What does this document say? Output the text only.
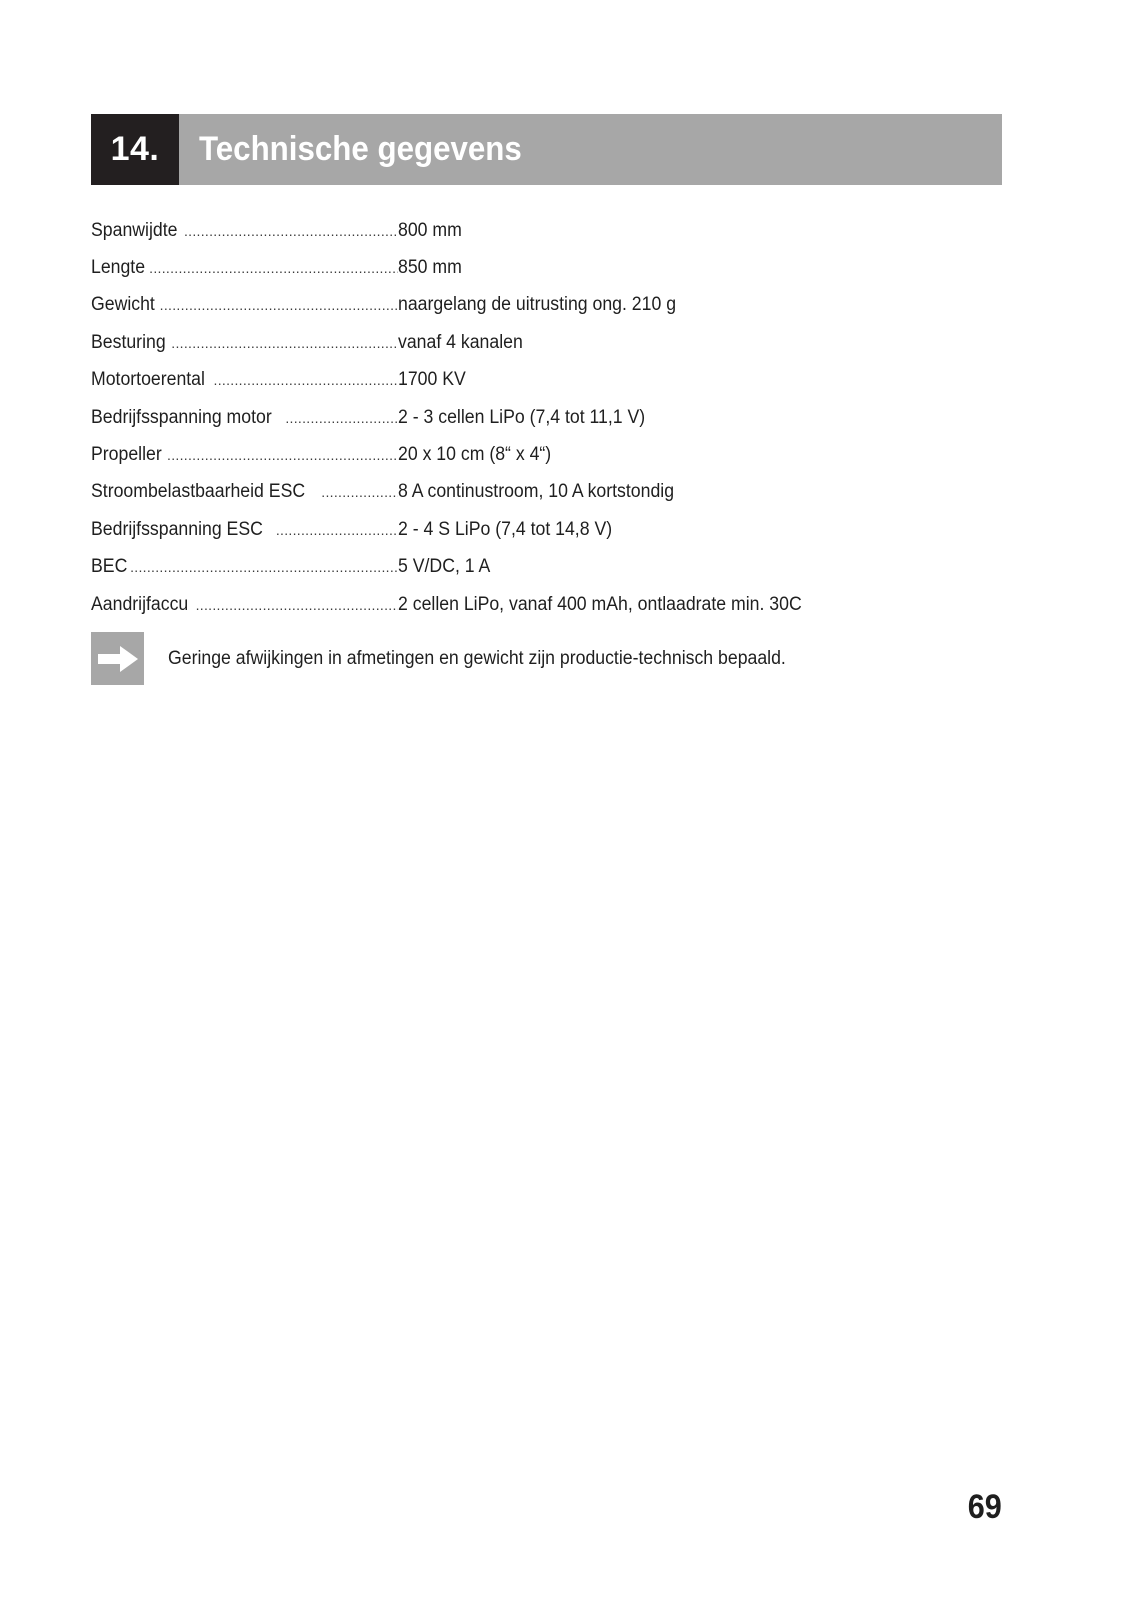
14.	Technische gegevens
Spanwijdte .....	800 mm
Lengte .....	850 mm
Gewicht .....	naargelang de uitrusting ong. 210 g
Besturing .....	vanaf 4 kanalen
Motortoerental .....	1700 KV
Bedrijfsspanning motor .....	2 - 3 cellen LiPo (7,4 tot 11,1 V)
Propeller .....	20 x 10 cm (8“ x 4“)
Stroombelastbaarheid ESC .....	8 A continustroom, 10 A kortstondig
Bedrijfsspanning ESC .....	2 - 4 S LiPo (7,4 tot 14,8 V)
BEC .....	5 V/DC, 1 A
Aandrijfaccu .....	2 cellen LiPo, vanaf 400 mAh, ontlaadrate min. 30C
Geringe afwijkingen in afmetingen en gewicht zijn productie-technisch bepaald.
69
